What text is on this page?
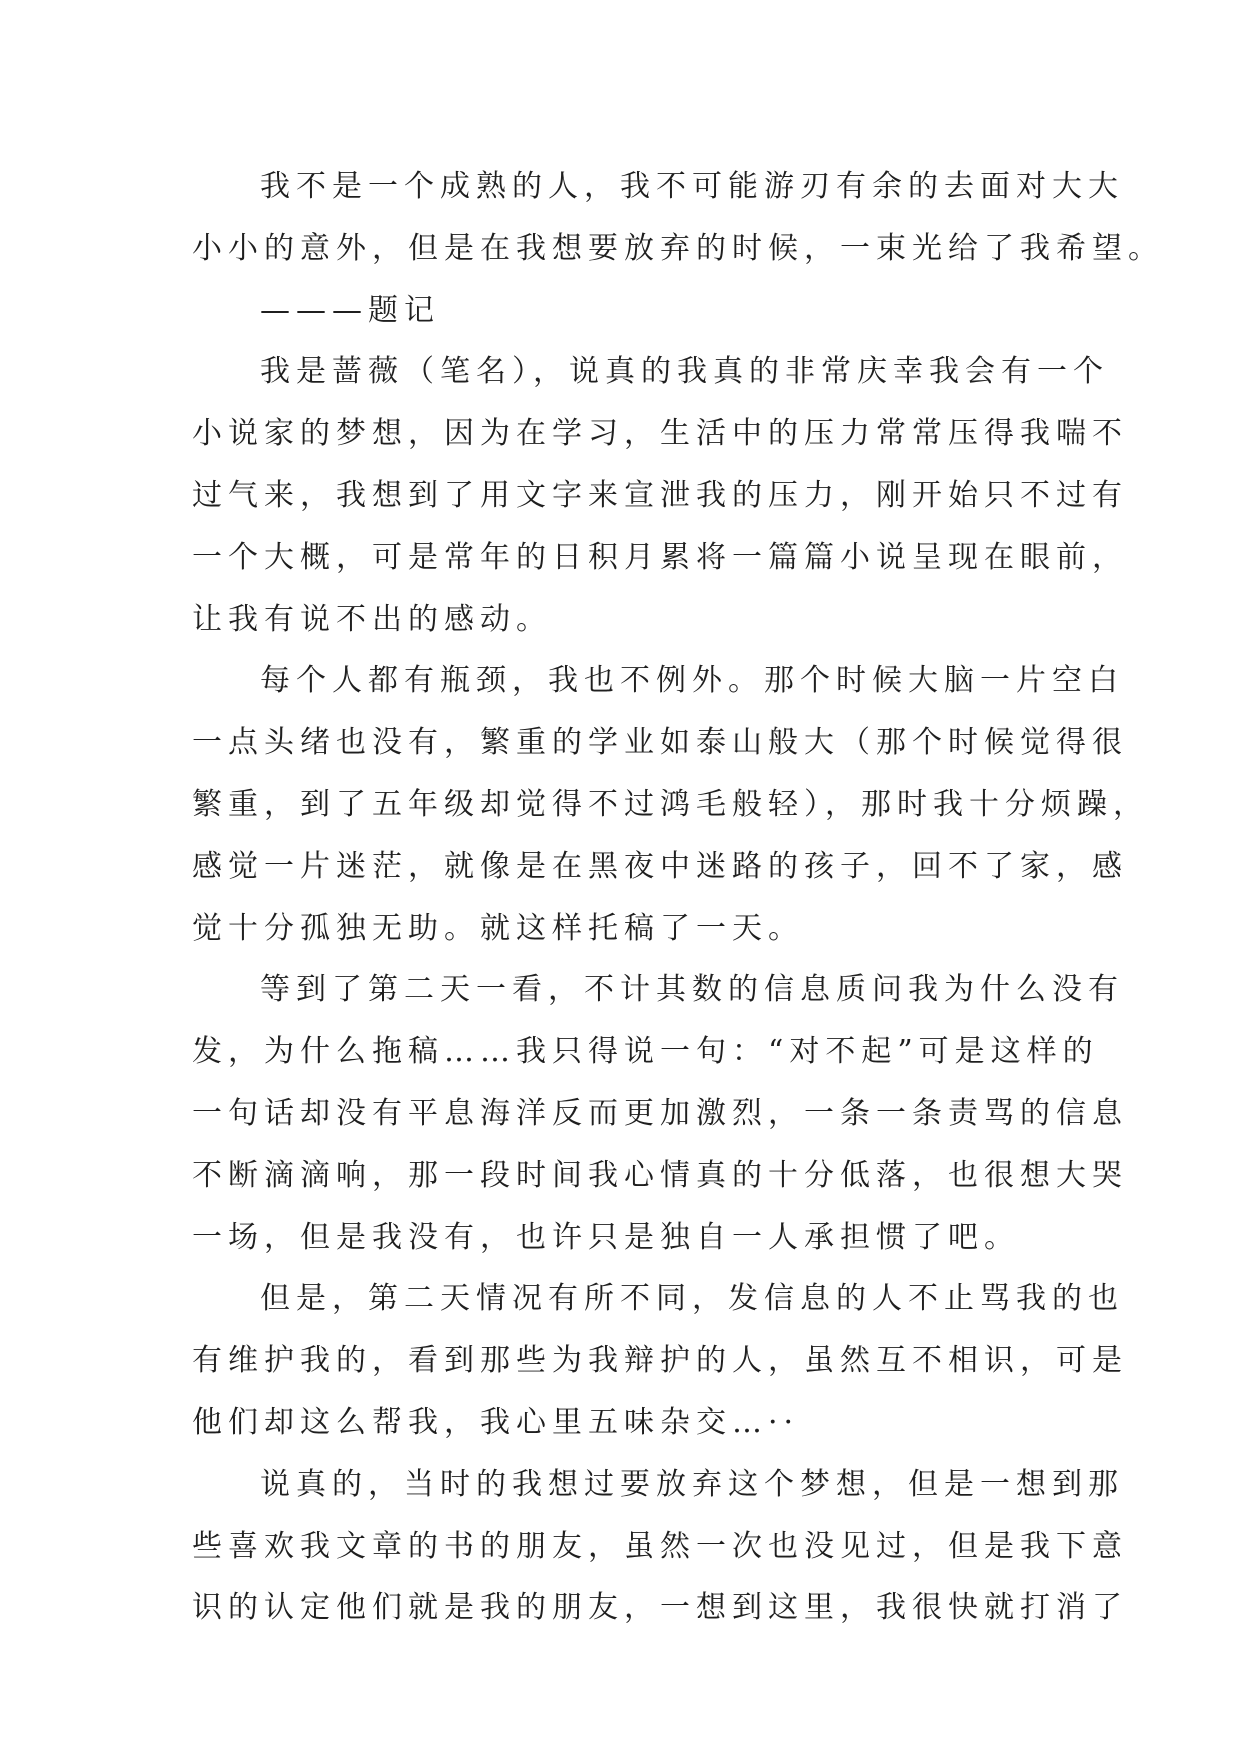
我不是一个成熟的人，我不可能游刃有余的去面对大大
小小的意外，但是在我想要放弃的时候，一束光给了我希望。
———题记
我是蔷薇（笔名），说真的我真的非常庆幸我会有一个
小说家的梦想，因为在学习，生活中的压力常常压得我喘不
过气来，我想到了用文字来宣泄我的压力，刚开始只不过有
一个大概，可是常年的日积月累将一篇篇小说呈现在眼前，
让我有说不出的感动。
每个人都有瓶颈，我也不例外。那个时候大脑一片空白
一点头绪也没有，繁重的学业如泰山般大（那个时候觉得很
繁重，到了五年级却觉得不过鸿毛般轻），那时我十分烦躁，
感觉一片迷茫，就像是在黑夜中迷路的孩子，回不了家，感
觉十分孤独无助。就这样托稿了一天。
等到了第二天一看，不计其数的信息质问我为什么没有
发，为什么拖稿……我只得说一句：“对不起”可是这样的
一句话却没有平息海洋反而更加激烈，一条一条责骂的信息
不断滴滴响，那一段时间我心情真的十分低落，也很想大哭
一场，但是我没有，也许只是独自一人承担惯了吧。
但是，第二天情况有所不同，发信息的人不止骂我的也
有维护我的，看到那些为我辩护的人，虽然互不相识，可是
他们却这么帮我，我心里五味杂交…··
说真的，当时的我想过要放弃这个梦想，但是一想到那
些喜欢我文章的书的朋友，虽然一次也没见过，但是我下意
识的认定他们就是我的朋友，一想到这里，我很快就打消了
